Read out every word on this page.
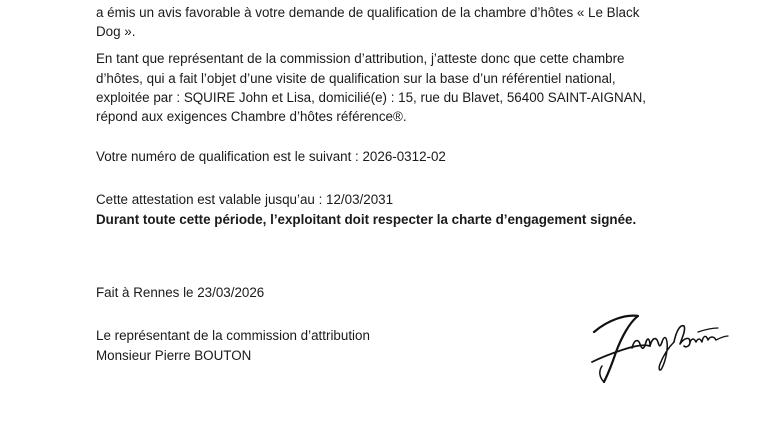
a émis un avis favorable à votre demande de qualification de la chambre d’hôtes « Le Black
Dog ».
En tant que représentant de la commission d’attribution, j’atteste donc que cette chambre
d’hôtes, qui a fait l’objet d’une visite de qualification sur la base d’un référentiel national,
exploitée par : SQUIRE John et Lisa, domicilié(e) : 15, rue du Blavet, 56400 SAINT-AIGNAN,
répond aux exigences Chambre d’hôtes référence®.
Votre numéro de qualification est le suivant : 2026-0312-02
Cette attestation est valable jusqu’au : 12/03/2031
Durant toute cette période, l’exploitant doit respecter la charte d’engagement signée.
Fait à Rennes le 23/03/2026
Le représentant de la commission d’attribution
Monsieur Pierre BOUTON
